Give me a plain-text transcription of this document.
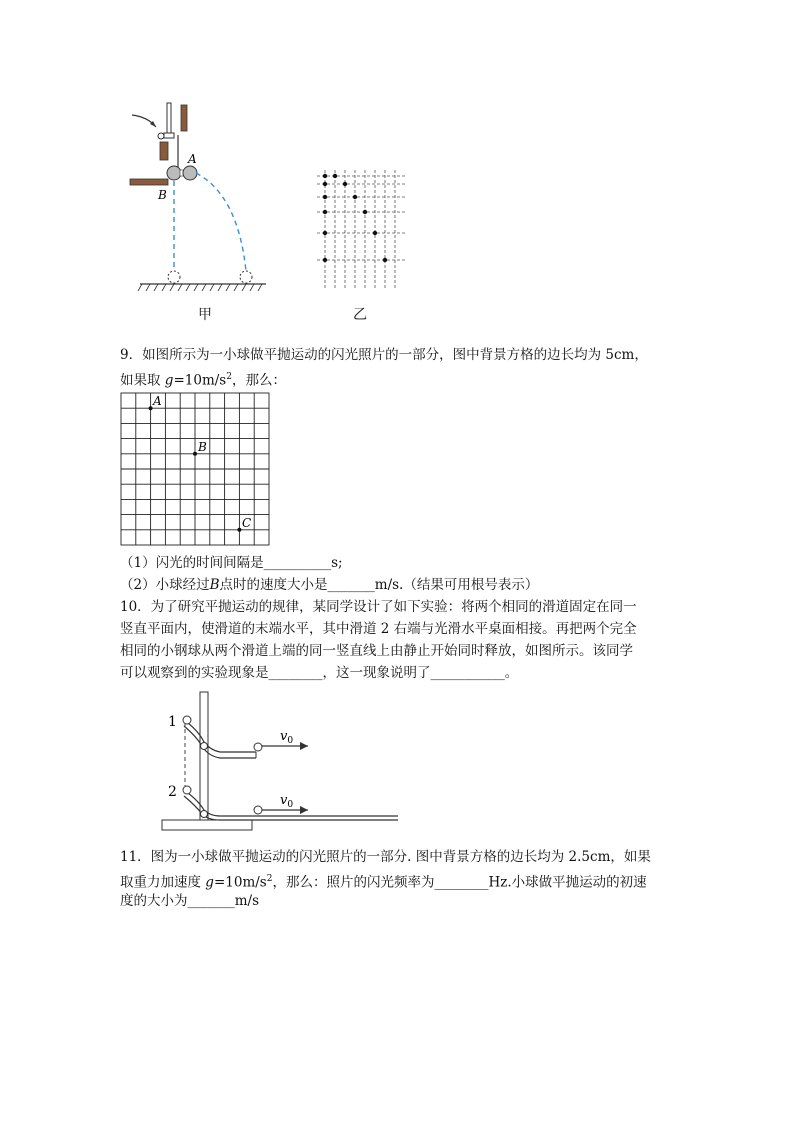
A
B
甲	乙
9．如图所示为一小球做平抛运动的闪光照片的一部分，图中背景方格的边长均为 5cm，
如果取 $g=10m/s^2$，那么：
A
B
C
（1）闪光的时间间隔是__________s;
（2）小球经过B点时的速度大小是_______m/s.（结果可用根号表示）
10．为了研究平抛运动的规律，某同学设计了如下实验：将两个相同的滑道固定在同一
竖直平面内，使滑道的末端水平，其中滑道 2 右端与光滑水平桌面相接。再把两个完全
相同的小钢球从两个滑道上端的同一竖直线上由静止开始同时释放，如图所示。该同学
可以观察到的实验现象是________，这一现象说明了___________。
1
2
$v_0$
$v_0$
11．图为一小球做平抛运动的闪光照片的一部分. 图中背景方格的边长均为 2.5cm，如果
取重力加速度 $g=10m/s^2$，那么：照片的闪光频率为________Hz.小球做平抛运动的初速
度的大小为_______m/s
